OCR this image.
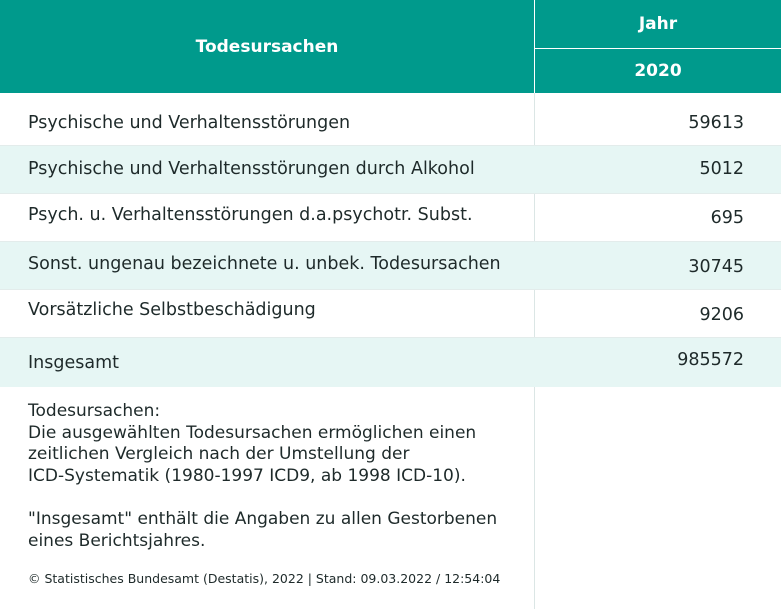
Todesursachen
Jahr
2020
Psychische und Verhaltensstörungen	59613
Psychische und Verhaltensstörungen durch Alkohol	5012
Psych. u. Verhaltensstörungen d.a.psychotr. Subst.	695
Sonst. ungenau bezeichnete u. unbek. Todesursachen	30745
Vorsätzliche Selbstbeschädigung	9206
Insgesamt	985572

Todesursachen:

Die ausgewählten Todesursachen ermöglichen einen
zeitlichen Vergleich nach der Umstellung der
ICD-Systematik (1980-1997 ICD9, ab 1998 ICD-10).

"Insgesamt" enthält die Angaben zu allen Gestorbenen
eines Berichtsjahres.

© Statistisches Bundesamt (Destatis), 2022 | Stand: 09.03.2022 / 12:54:04
